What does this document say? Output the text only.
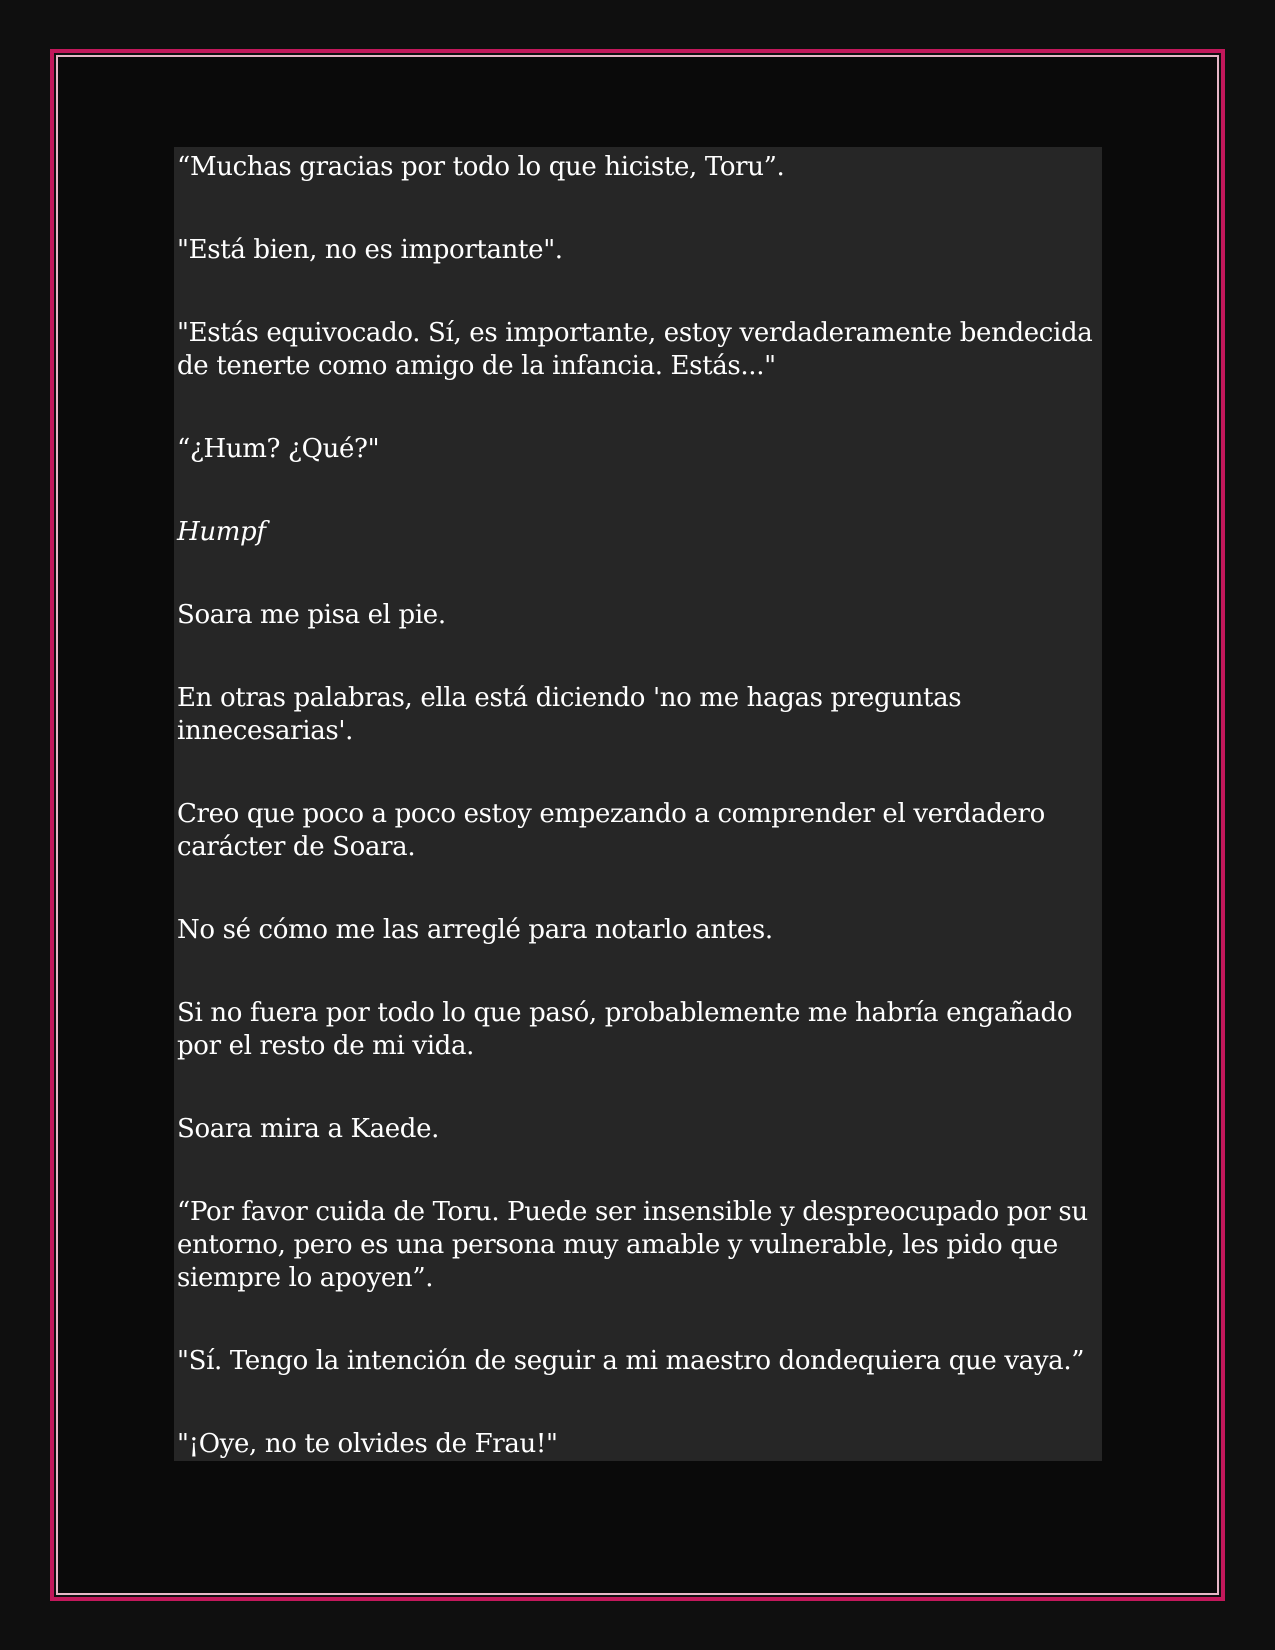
“Muchas gracias por todo lo que hiciste, Toru”.

"Está bien, no es importante".

"Estás equivocado. Sí, es importante, estoy verdaderamente bendecida de tenerte como amigo de la infancia. Estás..."

“¿Hum? ¿Qué?"

Humpf

Soara me pisa el pie.

En otras palabras, ella está diciendo 'no me hagas preguntas innecesarias'.

Creo que poco a poco estoy empezando a comprender el verdadero carácter de Soara.

No sé cómo me las arreglé para notarlo antes.

Si no fuera por todo lo que pasó, probablemente me habría engañado por el resto de mi vida.

Soara mira a Kaede.

“Por favor cuida de Toru. Puede ser insensible y despreocupado por su entorno, pero es una persona muy amable y vulnerable, les pido que siempre lo apoyen”.

"Sí. Tengo la intención de seguir a mi maestro dondequiera que vaya.”

"¡Oye, no te olvides de Frau!"
